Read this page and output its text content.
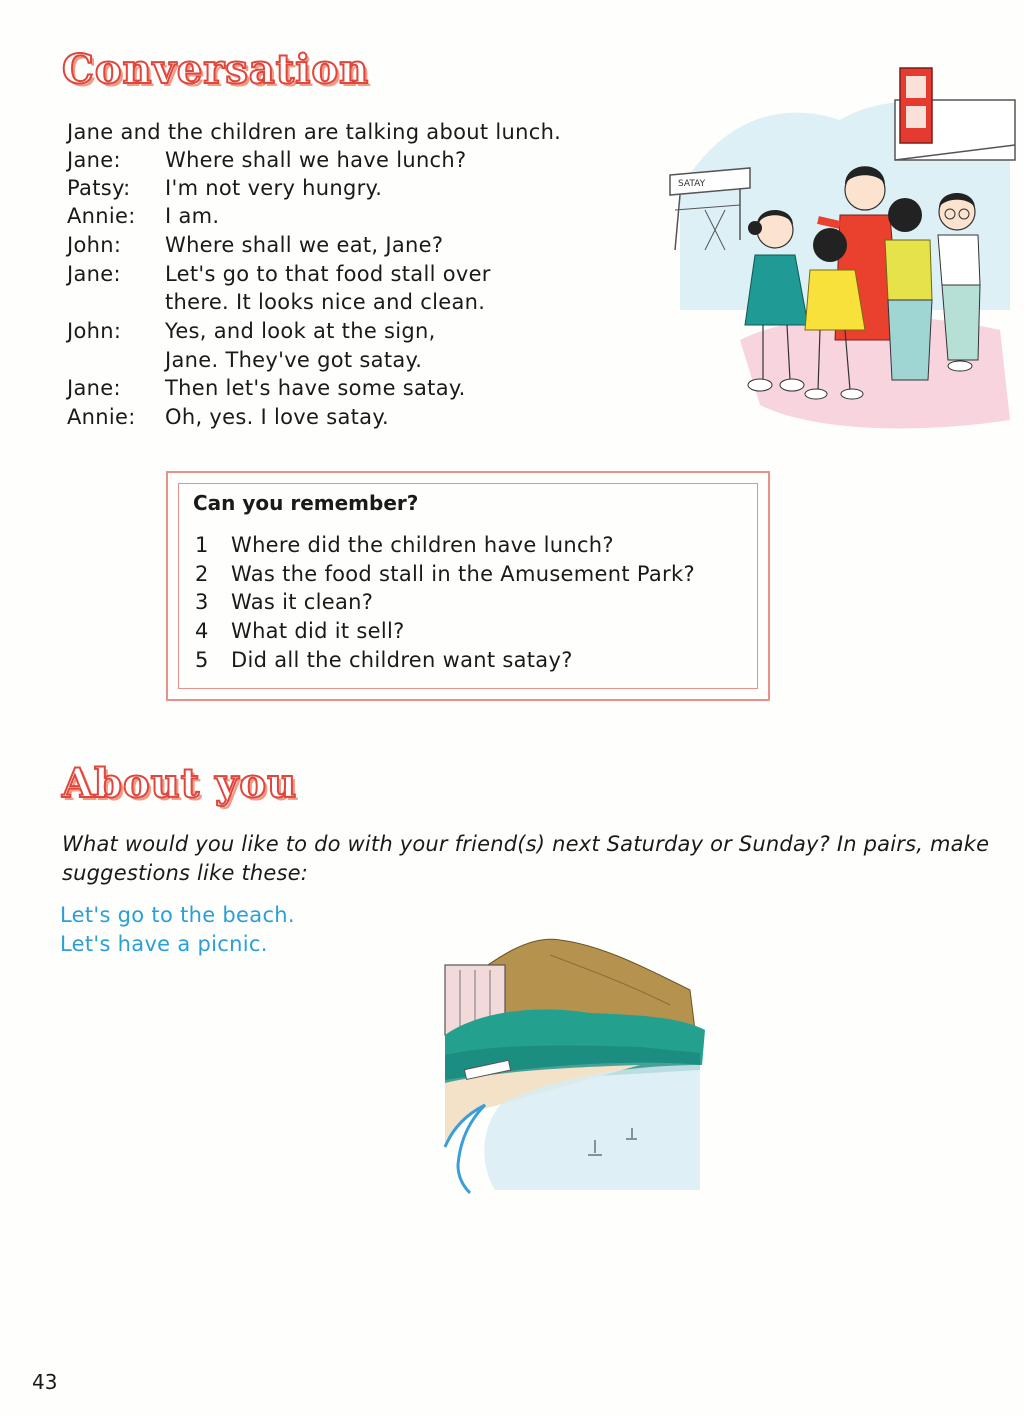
Conversation
Jane and the children are talking about lunch.
Jane: Where shall we have lunch?
Patsy: I'm not very hungry.
Annie: I am.
John: Where shall we eat, Jane?
Jane: Let's go to that food stall over
there. It looks nice and clean.
John: Yes, and look at the sign,
Jane. They've got satay.
Jane: Then let's have some satay.
Annie: Oh, yes. I love satay.
SATAY
Can you remember?
1 Where did the children have lunch?
2 Was the food stall in the Amusement Park?
3 Was it clean?
4 What did it sell?
5 Did all the children want satay?
About you
What would you like to do with your friend(s) next Saturday or Sunday? In pairs, make suggestions like these:
Let's go to the beach.
Let's have a picnic.
43
